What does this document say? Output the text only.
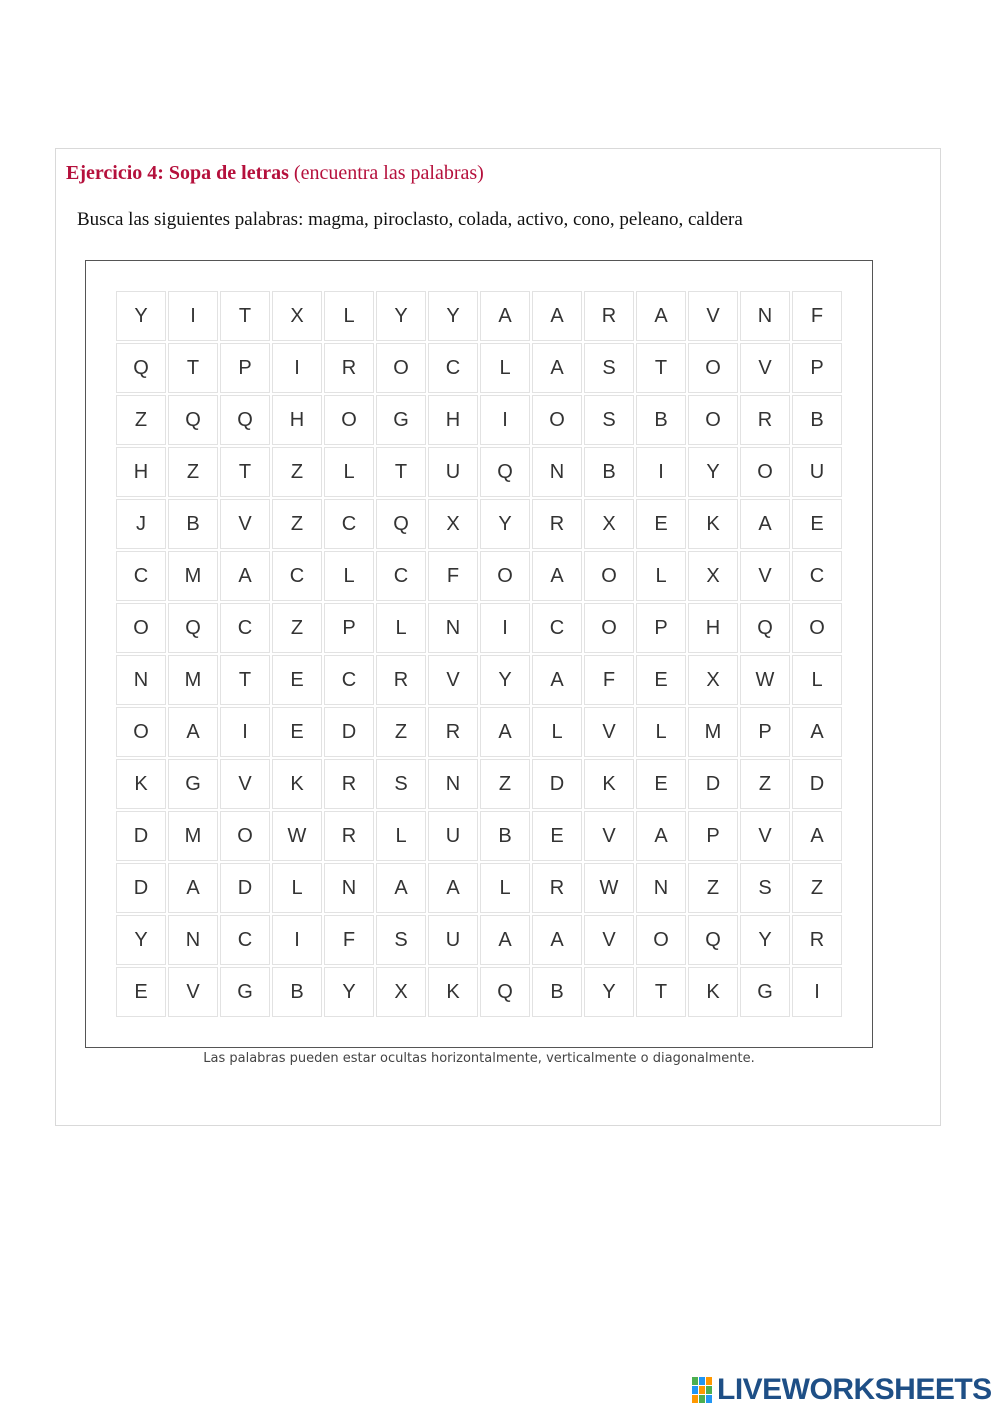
Ejercicio 4: Sopa de letras (encuentra las palabras)
Busca las siguientes palabras: magma, piroclasto, colada, activo, cono, peleano, caldera
Y	I	T	X	L	Y	Y	A	A	R	A	V	N	F
Q	T	P	I	R	O	C	L	A	S	T	O	V	P
Z	Q	Q	H	O	G	H	I	O	S	B	O	R	B
H	Z	T	Z	L	T	U	Q	N	B	I	Y	O	U
J	B	V	Z	C	Q	X	Y	R	X	E	K	A	E
C	M	A	C	L	C	F	O	A	O	L	X	V	C
O	Q	C	Z	P	L	N	I	C	O	P	H	Q	O
N	M	T	E	C	R	V	Y	A	F	E	X	W	L
O	A	I	E	D	Z	R	A	L	V	L	M	P	A
K	G	V	K	R	S	N	Z	D	K	E	D	Z	D
D	M	O	W	R	L	U	B	E	V	A	P	V	A
D	A	D	L	N	A	A	L	R	W	N	Z	S	Z
Y	N	C	I	F	S	U	A	A	V	O	Q	Y	R
E	V	G	B	Y	X	K	Q	B	Y	T	K	G	I
Las palabras pueden estar ocultas horizontalmente, verticalmente o diagonalmente.
LIVEWORKSHEETS
